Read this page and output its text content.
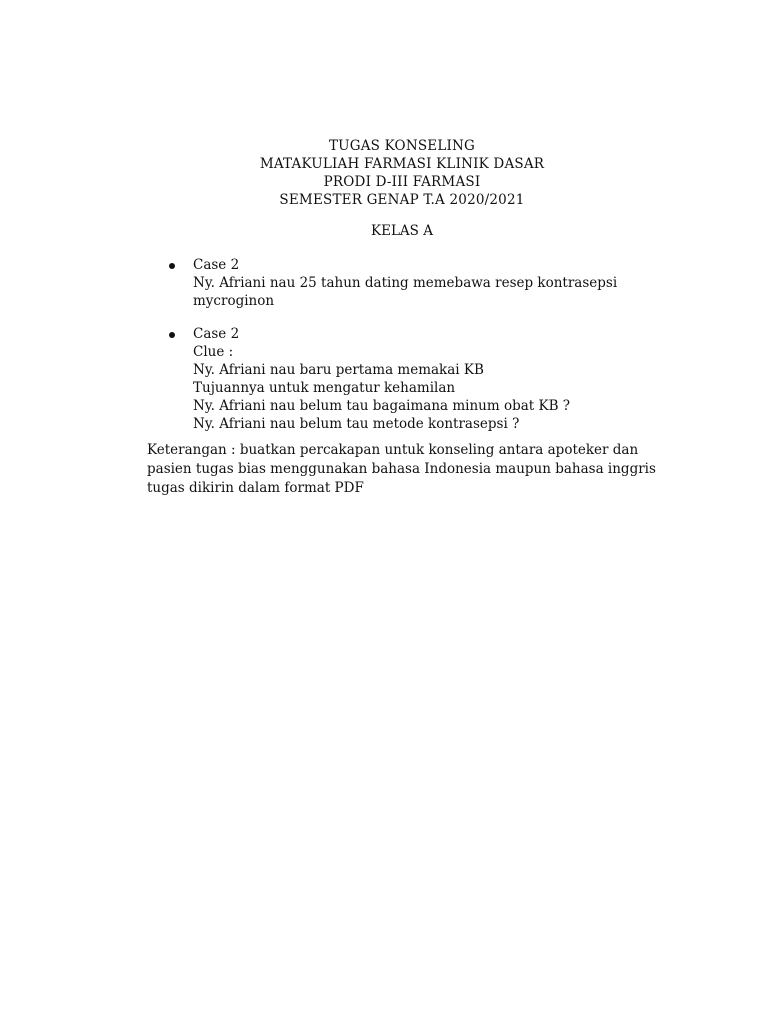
TUGAS KONSELING
MATAKULIAH FARMASI KLINIK DASAR
PRODI D-III FARMASI
SEMESTER GENAP T.A 2020/2021
KELAS A
Case 2
Ny. Afriani nau 25 tahun dating memebawa resep kontrasepsi
mycroginon
Case 2
Clue :
Ny. Afriani nau baru pertama memakai KB
Tujuannya untuk mengatur kehamilan
Ny. Afriani nau belum tau bagaimana minum obat KB ?
Ny. Afriani nau belum tau metode kontrasepsi ?
Keterangan : buatkan percakapan untuk konseling antara apoteker dan
pasien tugas bias menggunakan bahasa Indonesia maupun bahasa inggris
tugas dikirin dalam format PDF
